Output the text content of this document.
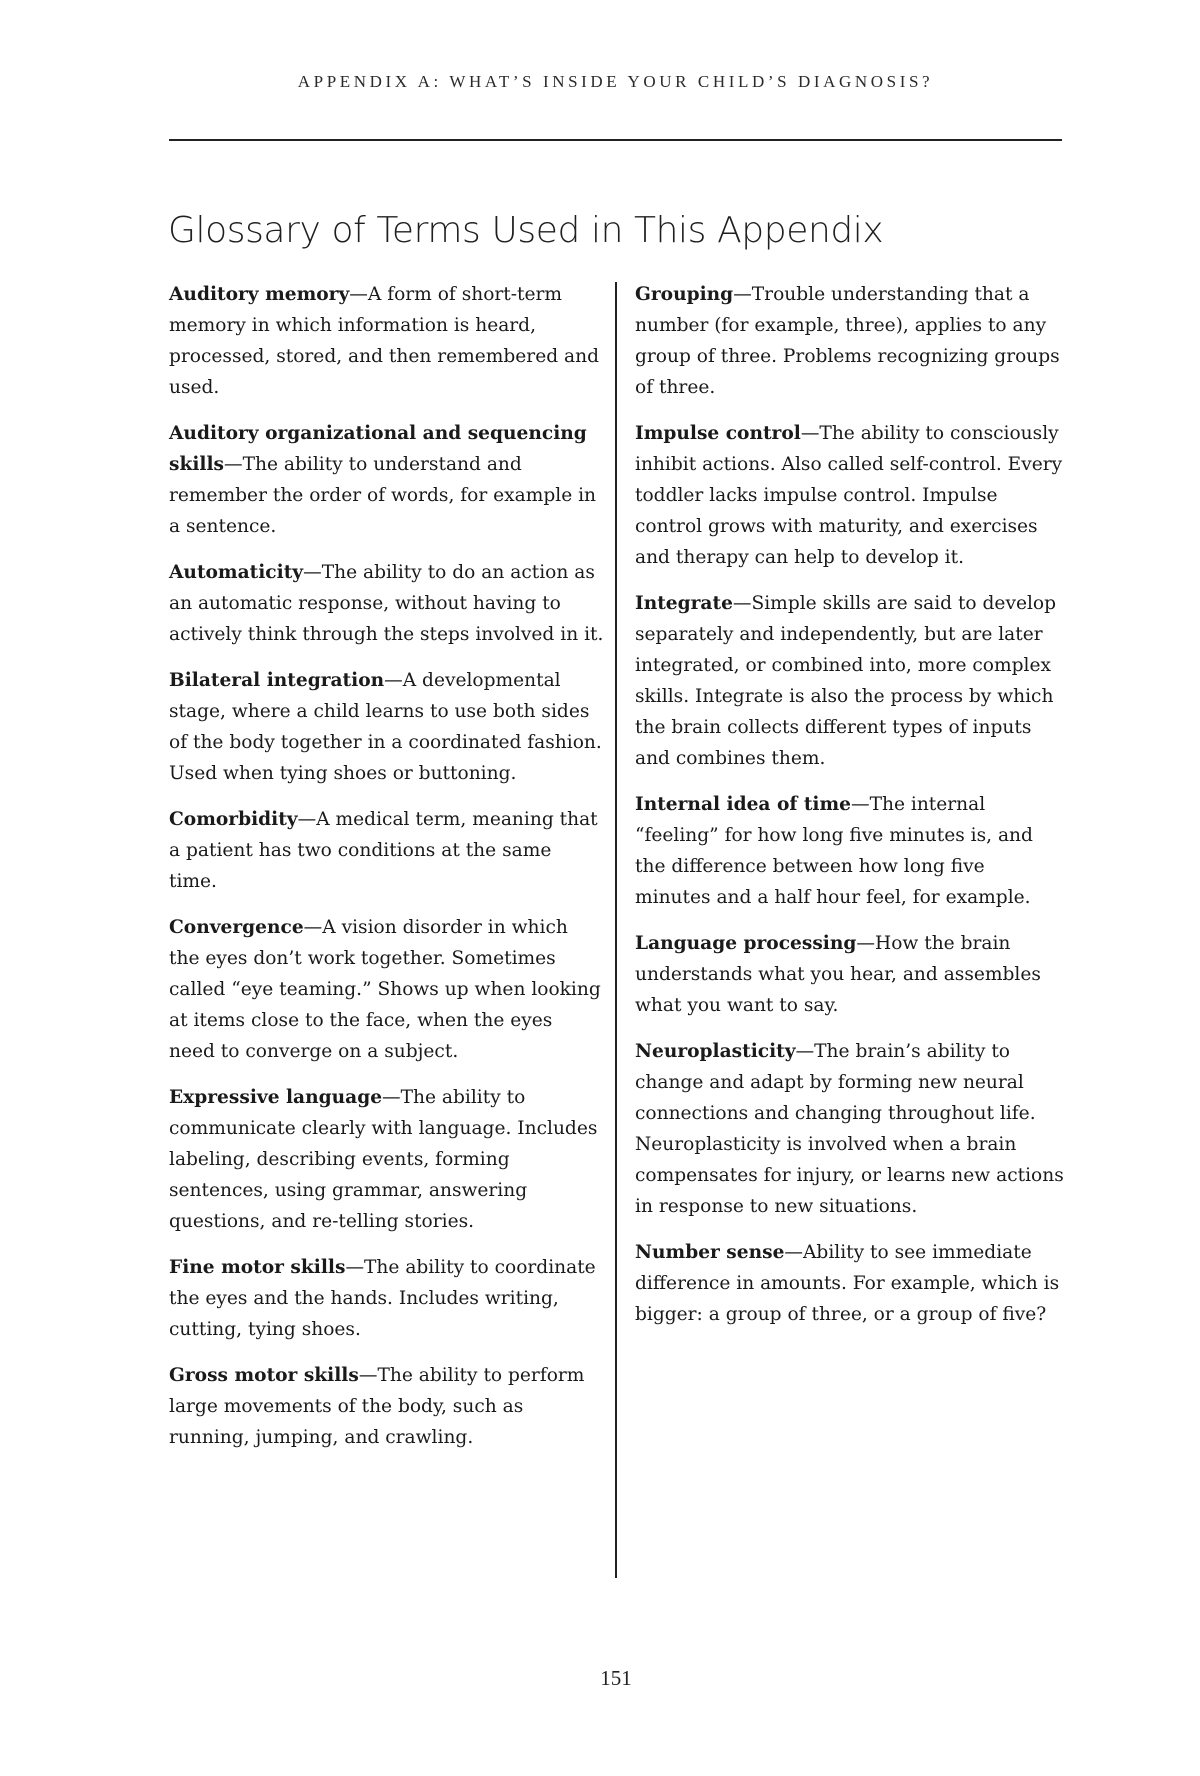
APPENDIX A: WHAT’S INSIDE YOUR CHILD’S DIAGNOSIS?
Glossary of Terms Used in This Appendix

Auditory memory—A form of short-term memory in which information is heard, processed, stored, and then remembered and used.

Auditory organizational and sequencing skills—The ability to understand and remember the order of words, for example in a sentence.

Automaticity—The ability to do an action as an automatic response, without having to actively think through the steps involved in it.

Bilateral integration—A developmental stage, where a child learns to use both sides of the body together in a coordinated fashion. Used when tying shoes or buttoning.

Comorbidity—A medical term, meaning that a patient has two conditions at the same time.

Convergence—A vision disorder in which the eyes don’t work together. Sometimes called “eye teaming.” Shows up when looking at items close to the face, when the eyes need to converge on a subject.

Expressive language—The ability to communicate clearly with language. Includes labeling, describing events, forming sentences, using grammar, answering questions, and re-telling stories.

Fine motor skills—The ability to coordinate the eyes and the hands. Includes writing, cutting, tying shoes.

Gross motor skills—The ability to perform large movements of the body, such as running, jumping, and crawling.

Grouping—Trouble understanding that a number (for example, three), applies to any group of three. Problems recognizing groups of three.

Impulse control—The ability to consciously inhibit actions. Also called self-control. Every toddler lacks impulse control. Impulse control grows with maturity, and exercises and therapy can help to develop it.

Integrate—Simple skills are said to develop separately and independently, but are later integrated, or combined into, more complex skills. Integrate is also the process by which the brain collects different types of inputs and combines them.

Internal idea of time—The internal “feeling” for how long five minutes is, and the difference between how long five minutes and a half hour feel, for example.

Language processing—How the brain understands what you hear, and assembles what you want to say.

Neuroplasticity—The brain’s ability to change and adapt by forming new neural connections and changing throughout life. Neuroplasticity is involved when a brain compensates for injury, or learns new actions in response to new situations.

Number sense—Ability to see immediate difference in amounts. For example, which is bigger: a group of three, or a group of five?

151
